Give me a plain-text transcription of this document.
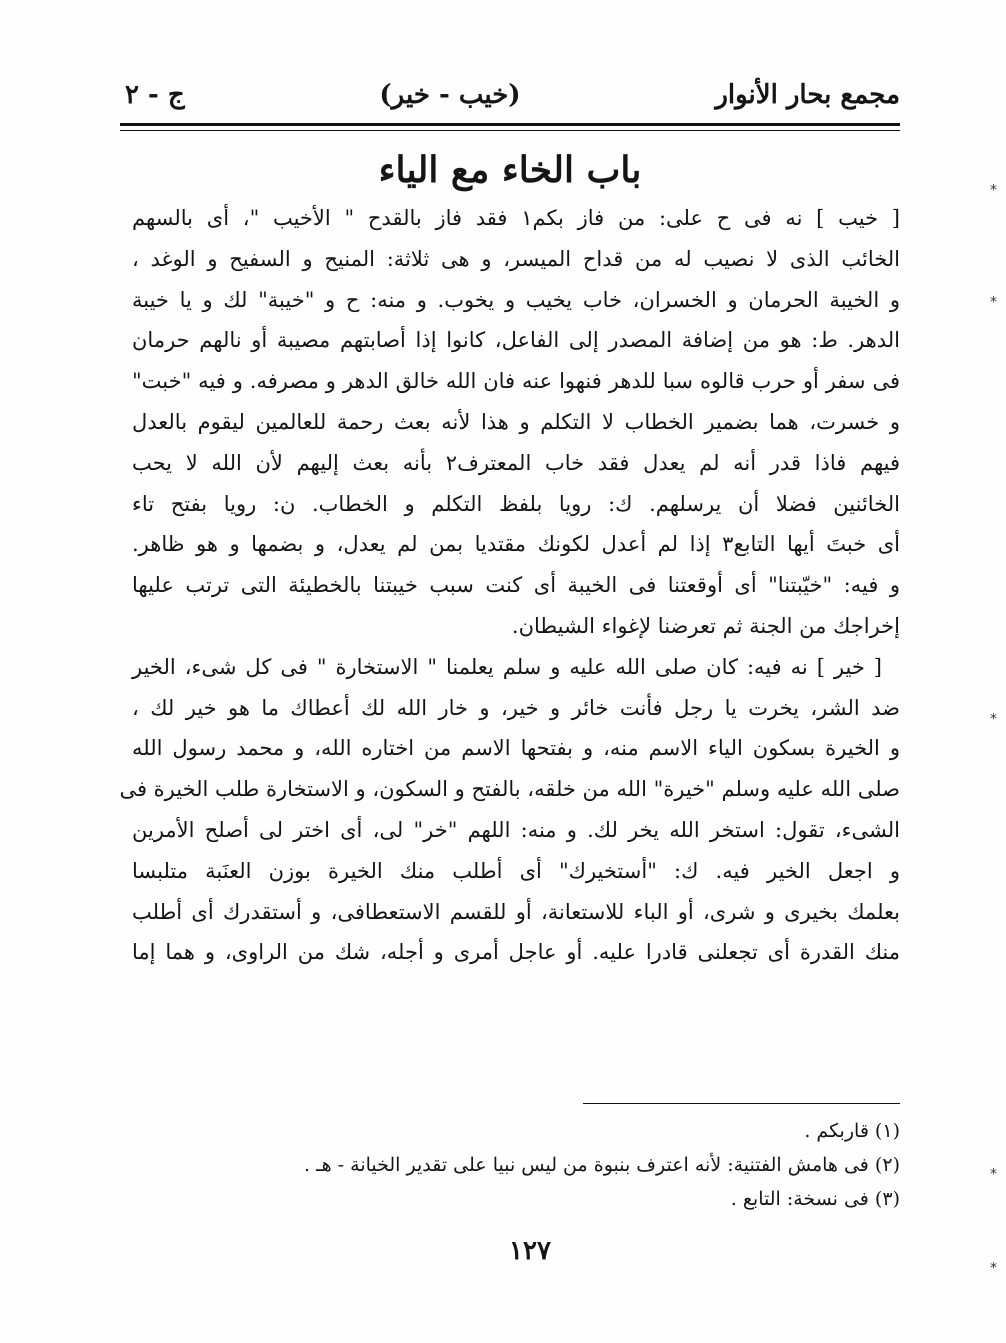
مجمع بحار الأنوار
(خيب - خير)
ج - ٢
باب الخاء مع الياء
[ خيب ] نه فى ح على: من فاز بكم١ فقد فاز بالقدح " الأخيب "، أى بالسهم
الخائب الذى لا نصيب له من قداح الميسر، و هى ثلاثة: المنيح و السفيح و الوغد ،
و الخيبة الحرمان و الخسران، خاب يخيب و يخوب. و منه: ح و "خيبة" لك و يا خيبة
الدهر. ط: هو من إضافة المصدر إلى الفاعل، كانوا إذا أصابتهم مصيبة أو نالهم حرمان
فى سفر أو حرب قالوه سبا للدهر فنهوا عنه فان الله خالق الدهر و مصرفه. و فيه "خبت"
و خسرت، هما بضمير الخطاب لا التكلم و هذا لأنه بعث رحمة للعالمين ليقوم بالعدل
فيهم فاذا قدر أنه لم يعدل فقد خاب المعترف٢ بأنه بعث إليهم لأن الله لا يحب
الخائنين فضلا أن يرسلهم. ك: رويا بلفظ التكلم و الخطاب. ن: رويا بفتح تاء
أى خبتَ أيها التابع٣ إذا لم أعدل لكونك مقتديا بمن لم يعدل، و بضمها و هو ظاهر.
و فيه: "خيّبتنا" أى أوقعتنا فى الخيبة أى كنت سبب خيبتنا بالخطيئة التى ترتب عليها
إخراجك من الجنة ثم تعرضنا لإغواء الشيطان.
[ خير ] نه فيه: كان صلى الله عليه و سلم يعلمنا " الاستخارة " فى كل شىء، الخير
ضد الشر، يخرت يا رجل فأنت خائر و خير، و خار الله لك أعطاك ما هو خير لك ،
و الخيرة بسكون الياء الاسم منه، و بفتحها الاسم من اختاره الله، و محمد رسول الله
صلى الله عليه وسلم "خيرة" الله من خلقه، بالفتح و السكون، و الاستخارة طلب الخيرة فى
الشىء، تقول: استخر الله يخر لك. و منه: اللهم "خر" لى، أى اختر لى أصلح الأمرين
و اجعل الخير فيه. ك: "أستخيرك" أى أطلب منك الخيرة بوزن العنَبة متلبسا
بعلمك بخيرى و شرى، أو الباء للاستعانة، أو للقسم الاستعطافى، و أستقدرك أى أطلب
منك القدرة أى تجعلنى قادرا عليه. أو عاجل أمرى و أجله، شك من الراوى، و هما إما
(١) قاربكم .
(٢) فى هامش الفتنية: لأنه اعترف بنبوة من ليس نبيا على تقدير الخيانة - هـ .
(٣) فى نسخة: التابع .
١٢٧
⁎
⁎
⁎
⁎
⁎
